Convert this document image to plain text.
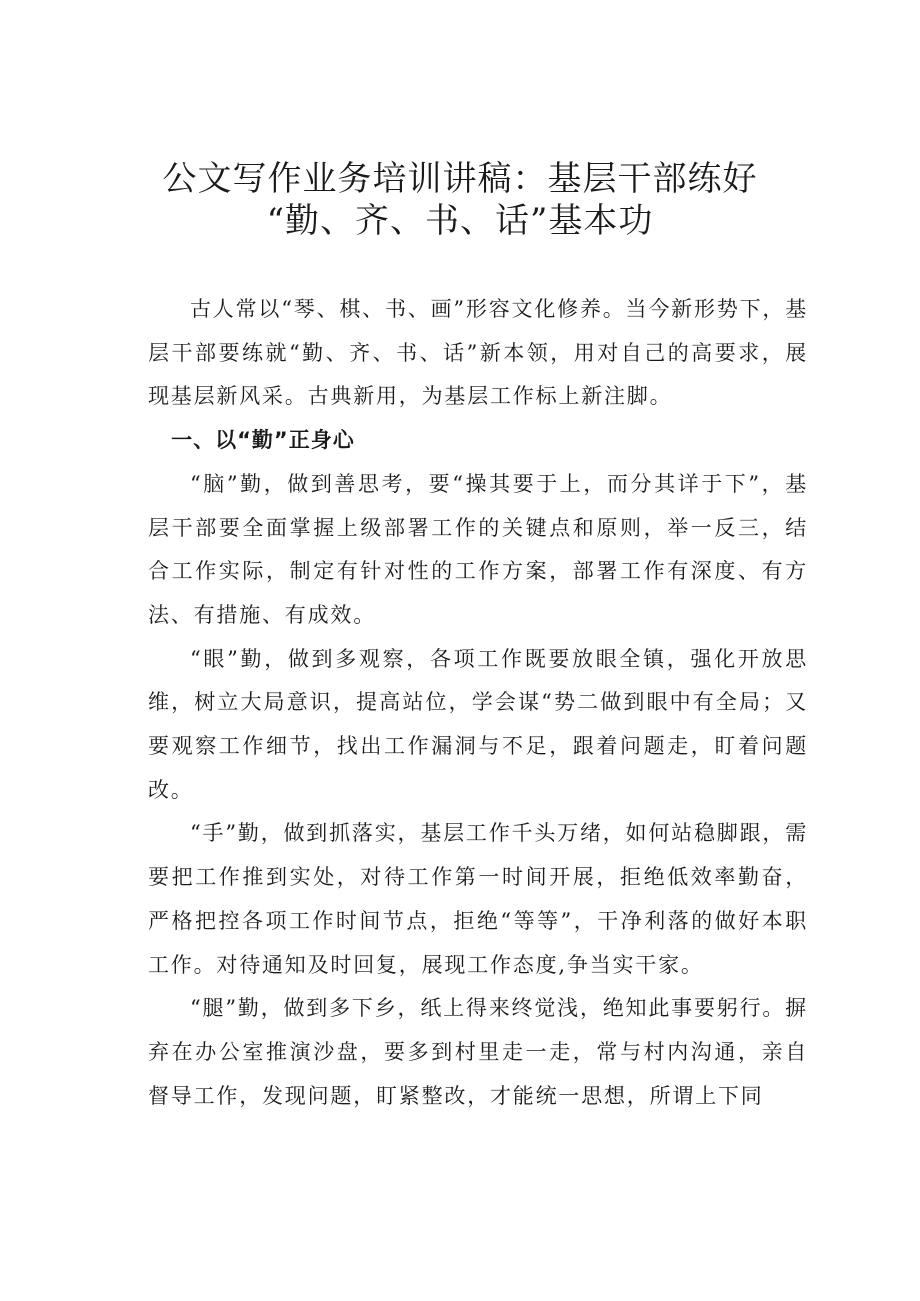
公文写作业务培训讲稿：基层干部练好
“勤、齐、书、话”基本功

古人常以“琴、棋、书、画”形容文化修养。当今新形势下，基层干部要练就“勤、齐、书、话”新本领，用对自己的高要求，展现基层新风采。古典新用，为基层工作标上新注脚。

一、以“勤”正身心

“脑”勤，做到善思考，要“操其要于上，而分其详于下”，基层干部要全面掌握上级部署工作的关键点和原则，举一反三，结合工作实际，制定有针对性的工作方案，部署工作有深度、有方法、有措施、有成效。

“眼”勤，做到多观察，各项工作既要放眼全镇，强化开放思维，树立大局意识，提高站位，学会谋“势二做到眼中有全局；又要观察工作细节，找出工作漏洞与不足，跟着问题走，盯着问题改。

“手”勤，做到抓落实，基层工作千头万绪，如何站稳脚跟，需要把工作推到实处，对待工作第一时间开展，拒绝低效率勤奋，严格把控各项工作时间节点，拒绝“等等”，干净利落的做好本职工作。对待通知及时回复，展现工作态度,争当实干家。

“腿”勤，做到多下乡，纸上得来终觉浅，绝知此事要躬行。摒弃在办公室推演沙盘，要多到村里走一走，常与村内沟通，亲自督导工作，发现问题，盯紧整改，才能统一思想，所谓上下同
